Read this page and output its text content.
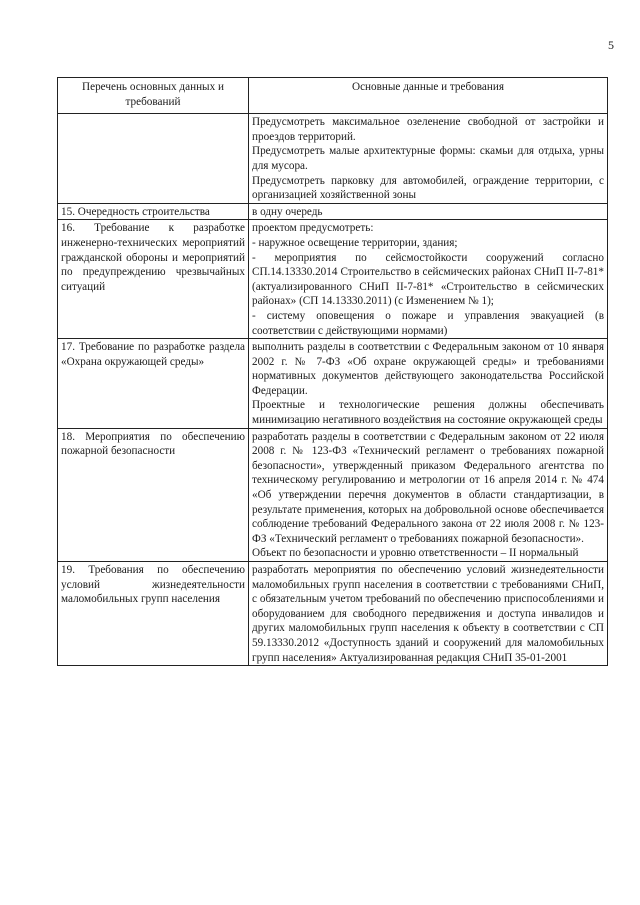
5
Перечень основных данных и требований	Основные данные и требования

	Предусмотреть максимальное озеленение свободной от застройки и проездов территорий.
Предусмотреть малые архитектурные формы: скамьи для отдыха, урны для мусора.
Предусмотреть парковку для автомобилей, ограждение территории, с организацией хозяйственной зоны

15. Очередность строительства	в одну очередь

16. Требование к разработке инженерно-технических мероприятий гражданской обороны и мероприятий по предупреждению чрезвычайных ситуаций	проектом предусмотреть:
- наружное освещение территории, здания;
- мероприятия по сейсмостойкости сооружений согласно СП.14.13330.2014 Строительство в сейсмических районах СНиП II-7-81* (актуализированного СНиП II-7-81* «Строительство в сейсмических районах» (СП 14.13330.2011) (с Изменением № 1);
- систему оповещения о пожаре и управления эвакуацией (в соответствии с действующими нормами)

17. Требование по разработке раздела «Охрана окружающей среды»	выполнить разделы в соответствии с Федеральным законом от 10 января 2002 г. № 7-ФЗ «Об охране окружающей среды» и требованиями нормативных документов действующего законодательства Российской Федерации.
Проектные и технологические решения должны обеспечивать минимизацию негативного воздействия на состояние окружающей среды

18. Мероприятия по обеспечению пожарной безопасности	разработать разделы в соответствии с Федеральным законом от 22 июля 2008 г. № 123-ФЗ «Технический регламент о требованиях пожарной безопасности», утвержденный приказом Федерального агентства по техническому регулированию и метрологии от 16 апреля 2014 г. № 474 «Об утверждении перечня документов в области стандартизации, в результате применения, которых на добровольной основе обеспечивается соблюдение требований Федерального закона от 22 июля 2008 г. № 123-ФЗ «Технический регламент о требованиях пожарной безопасности».
Объект по безопасности и уровню ответственности – II нормальный

19. Требования по обеспечению условий жизнедеятельности маломобильных групп населения	разработать мероприятия по обеспечению условий жизнедеятельности маломобильных групп населения в соответствии с требованиями СНиП, с обязательным учетом требований по обеспечению приспособлениями и оборудованием для свободного передвижения и доступа инвалидов и других маломобильных групп населения к объекту в соответствии с СП 59.13330.2012 «Доступность зданий и сооружений для маломобильных групп населения» Актуализированная редакция СНиП 35-01-2001
